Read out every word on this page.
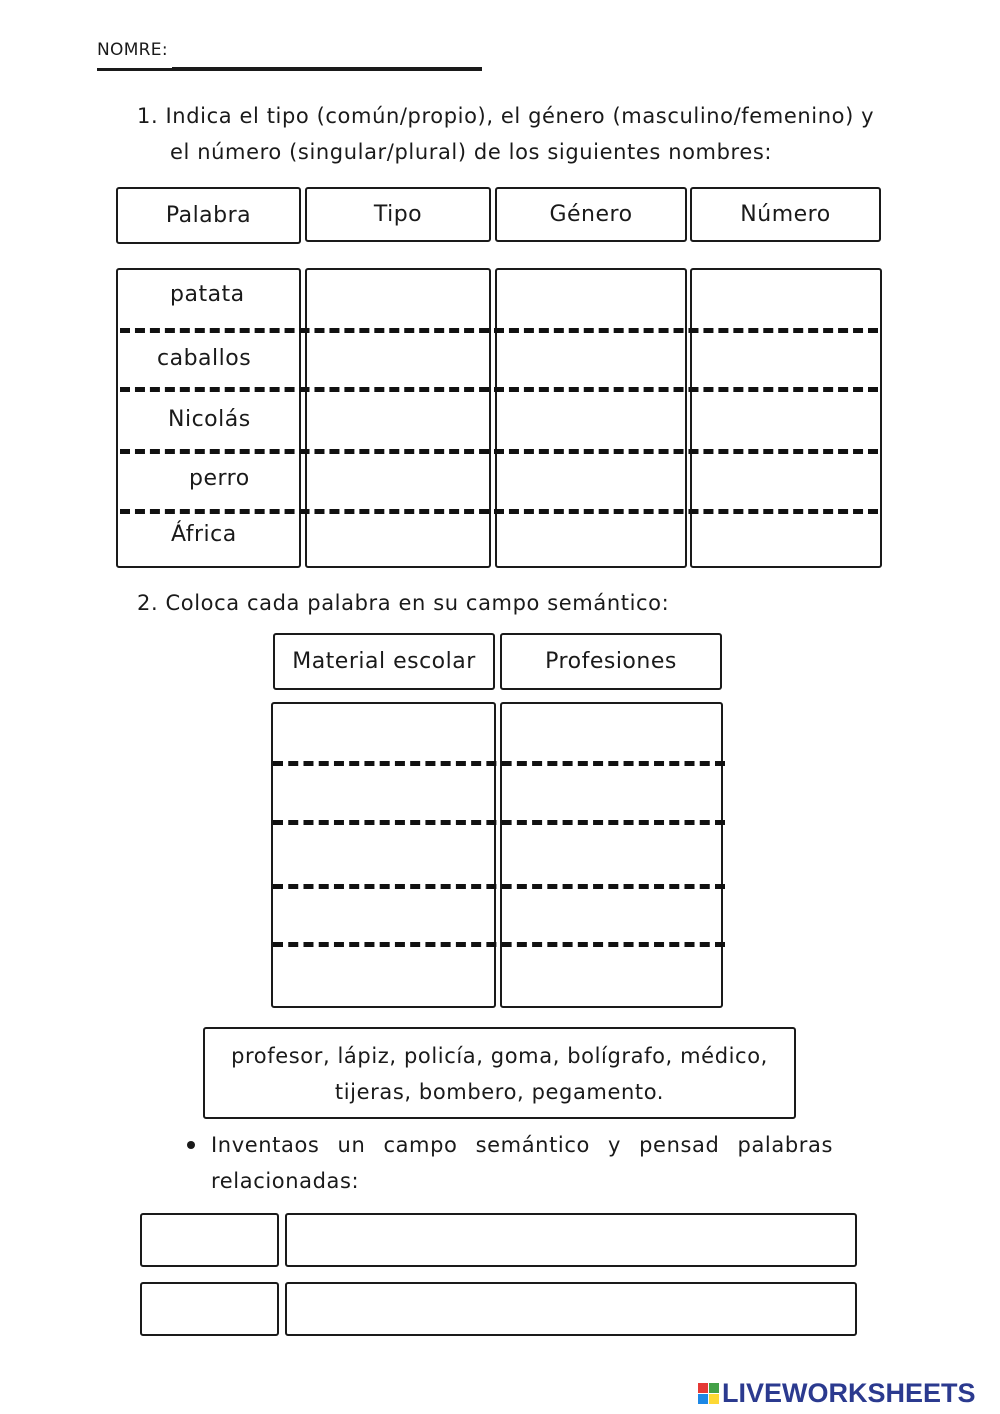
NOMRE:
1. Indica el tipo (común/propio), el género (masculino/femenino) y
el número (singular/plural) de los siguientes nombres:
Palabra	Tipo	Género	Número
patata
caballos
Nicolás
perro
África
2. Coloca cada palabra en su campo semántico:
Material escolar	Profesiones
profesor, lápiz, policía, goma, bolígrafo, médico,
tijeras, bombero, pegamento.
Inventaos un campo semántico y pensad palabras
relacionadas:
LIVEWORKSHEETS
